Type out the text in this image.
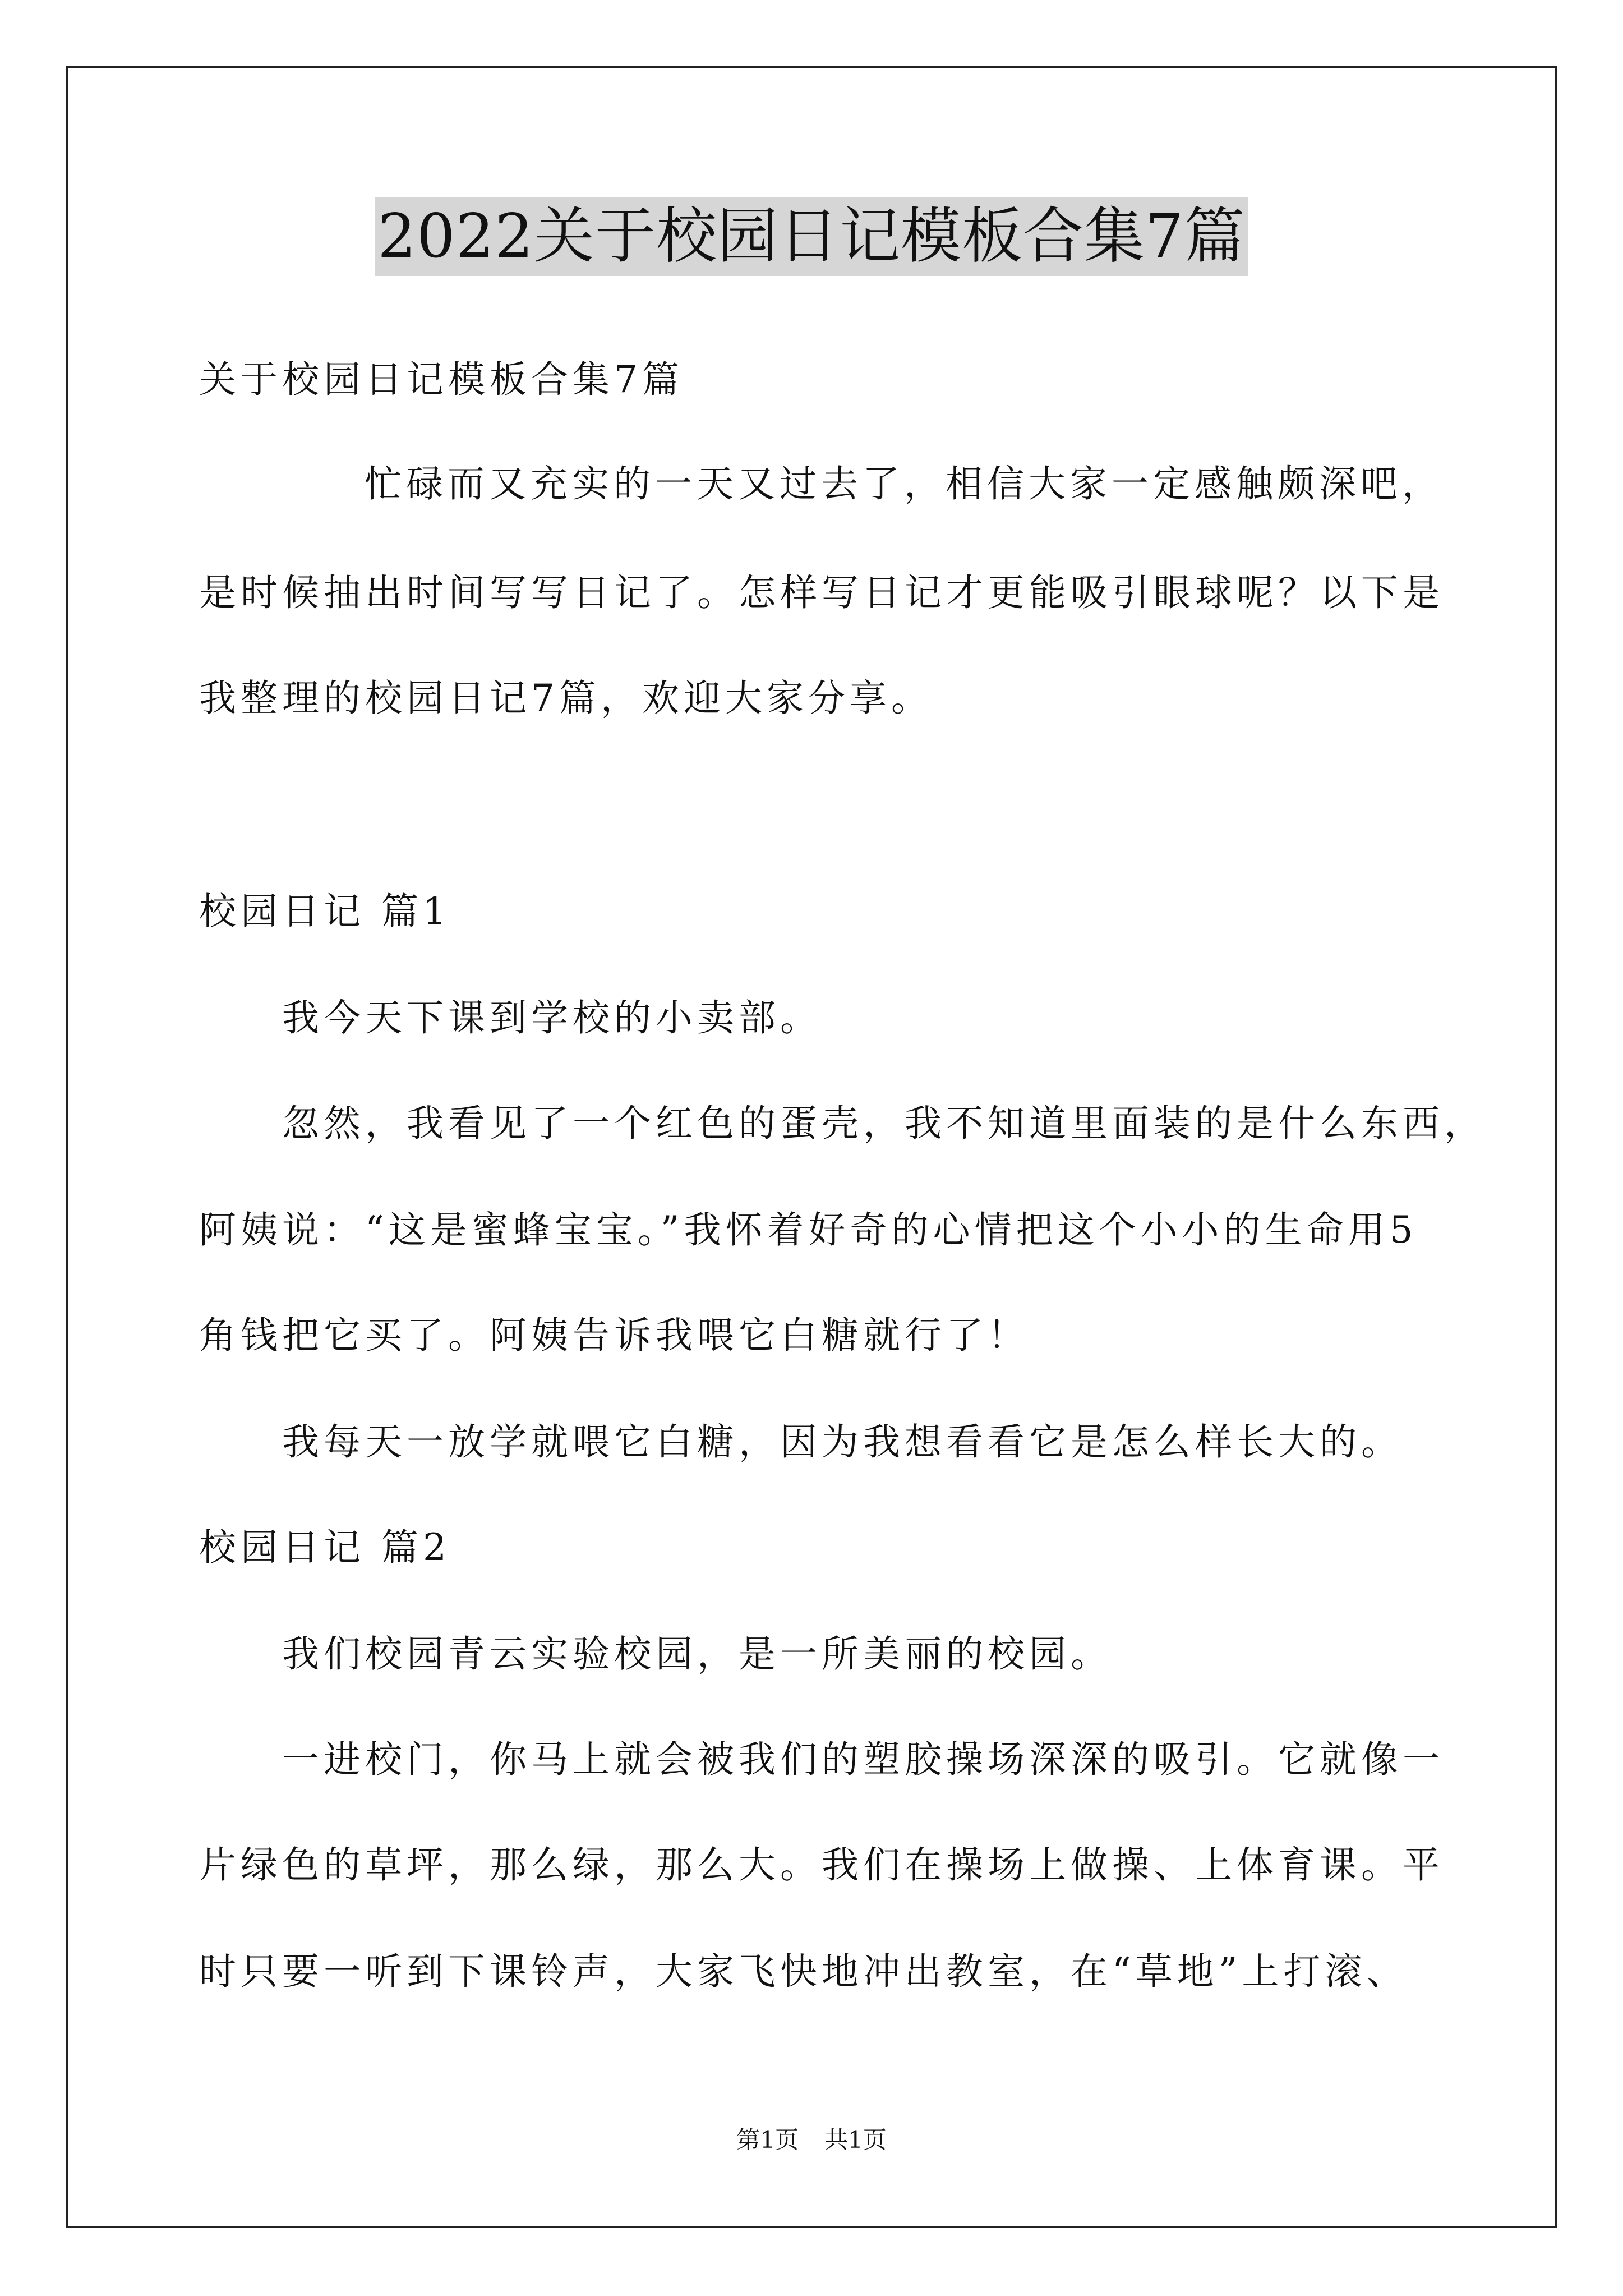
2022关于校园日记模板合集7篇
关于校园日记模板合集7篇
忙碌而又充实的一天又过去了，相信大家一定感触颇深吧，
是时候抽出时间写写日记了。怎样写日记才更能吸引眼球呢？以下是
我整理的校园日记7篇，欢迎大家分享。
校园日记 篇1
我今天下课到学校的小卖部。
忽然，我看见了一个红色的蛋壳，我不知道里面装的是什么东西，
阿姨说：“这是蜜蜂宝宝。”我怀着好奇的心情把这个小小的生命用5
角钱把它买了。阿姨告诉我喂它白糖就行了！
我每天一放学就喂它白糖，因为我想看看它是怎么样长大的。
校园日记 篇2
我们校园青云实验校园，是一所美丽的校园。
一进校门，你马上就会被我们的塑胶操场深深的吸引。它就像一
片绿色的草坪，那么绿，那么大。我们在操场上做操、上体育课。平
时只要一听到下课铃声，大家飞快地冲出教室，在“草地”上打滚、
第1页 共1页
